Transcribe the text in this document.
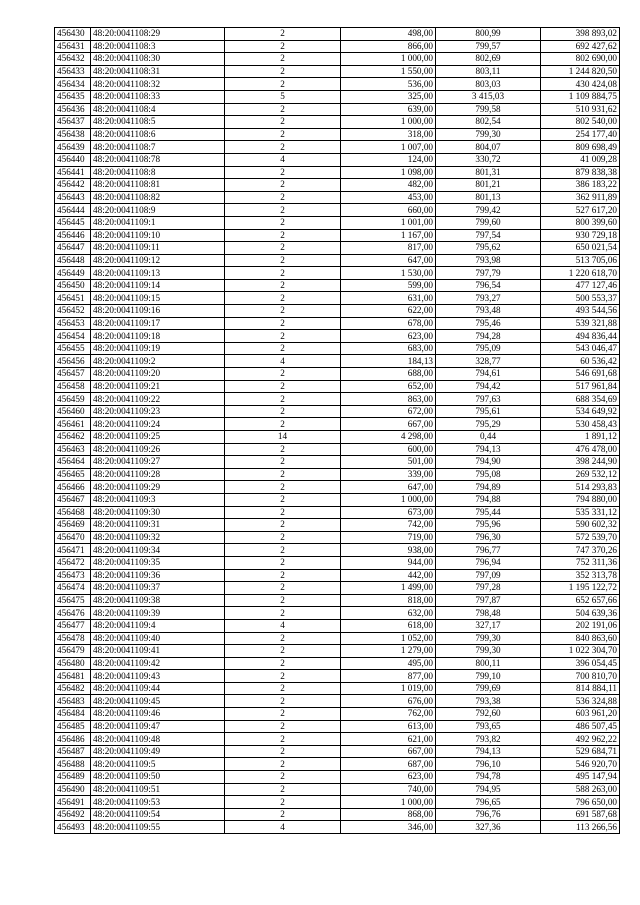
456430	48:20:0041108:29	2	498,00	800,99	398 893,02
456431	48:20:0041108:3	2	866,00	799,57	692 427,62
456432	48:20:0041108:30	2	1 000,00	802,69	802 690,00
456433	48:20:0041108:31	2	1 550,00	803,11	1 244 820,50
456434	48:20:0041108:32	2	536,00	803,03	430 424,08
456435	48:20:0041108:33	5	325,00	3 415,03	1 109 884,75
456436	48:20:0041108:4	2	639,00	799,58	510 931,62
456437	48:20:0041108:5	2	1 000,00	802,54	802 540,00
456438	48:20:0041108:6	2	318,00	799,30	254 177,40
456439	48:20:0041108:7	2	1 007,00	804,07	809 698,49
456440	48:20:0041108:78	4	124,00	330,72	41 009,28
456441	48:20:0041108:8	2	1 098,00	801,31	879 838,38
456442	48:20:0041108:81	2	482,00	801,21	386 183,22
456443	48:20:0041108:82	2	453,00	801,13	362 911,89
456444	48:20:0041108:9	2	660,00	799,42	527 617,20
456445	48:20:0041109:1	2	1 001,00	799,60	800 399,60
456446	48:20:0041109:10	2	1 167,00	797,54	930 729,18
456447	48:20:0041109:11	2	817,00	795,62	650 021,54
456448	48:20:0041109:12	2	647,00	793,98	513 705,06
456449	48:20:0041109:13	2	1 530,00	797,79	1 220 618,70
456450	48:20:0041109:14	2	599,00	796,54	477 127,46
456451	48:20:0041109:15	2	631,00	793,27	500 553,37
456452	48:20:0041109:16	2	622,00	793,48	493 544,56
456453	48:20:0041109:17	2	678,00	795,46	539 321,88
456454	48:20:0041109:18	2	623,00	794,28	494 836,44
456455	48:20:0041109:19	2	683,00	795,09	543 046,47
456456	48:20:0041109:2	4	184,13	328,77	60 536,42
456457	48:20:0041109:20	2	688,00	794,61	546 691,68
456458	48:20:0041109:21	2	652,00	794,42	517 961,84
456459	48:20:0041109:22	2	863,00	797,63	688 354,69
456460	48:20:0041109:23	2	672,00	795,61	534 649,92
456461	48:20:0041109:24	2	667,00	795,29	530 458,43
456462	48:20:0041109:25	14	4 298,00	0,44	1 891,12
456463	48:20:0041109:26	2	600,00	794,13	476 478,00
456464	48:20:0041109:27	2	501,00	794,90	398 244,90
456465	48:20:0041109:28	2	339,00	795,08	269 532,12
456466	48:20:0041109:29	2	647,00	794,89	514 293,83
456467	48:20:0041109:3	2	1 000,00	794,88	794 880,00
456468	48:20:0041109:30	2	673,00	795,44	535 331,12
456469	48:20:0041109:31	2	742,00	795,96	590 602,32
456470	48:20:0041109:32	2	719,00	796,30	572 539,70
456471	48:20:0041109:34	2	938,00	796,77	747 370,26
456472	48:20:0041109:35	2	944,00	796,94	752 311,36
456473	48:20:0041109:36	2	442,00	797,09	352 313,78
456474	48:20:0041109:37	2	1 499,00	797,28	1 195 122,72
456475	48:20:0041109:38	2	818,00	797,87	652 657,66
456476	48:20:0041109:39	2	632,00	798,48	504 639,36
456477	48:20:0041109:4	4	618,00	327,17	202 191,06
456478	48:20:0041109:40	2	1 052,00	799,30	840 863,60
456479	48:20:0041109:41	2	1 279,00	799,30	1 022 304,70
456480	48:20:0041109:42	2	495,00	800,11	396 054,45
456481	48:20:0041109:43	2	877,00	799,10	700 810,70
456482	48:20:0041109:44	2	1 019,00	799,69	814 884,11
456483	48:20:0041109:45	2	676,00	793,38	536 324,88
456484	48:20:0041109:46	2	762,00	792,60	603 961,20
456485	48:20:0041109:47	2	613,00	793,65	486 507,45
456486	48:20:0041109:48	2	621,00	793,82	492 962,22
456487	48:20:0041109:49	2	667,00	794,13	529 684,71
456488	48:20:0041109:5	2	687,00	796,10	546 920,70
456489	48:20:0041109:50	2	623,00	794,78	495 147,94
456490	48:20:0041109:51	2	740,00	794,95	588 263,00
456491	48:20:0041109:53	2	1 000,00	796,65	796 650,00
456492	48:20:0041109:54	2	868,00	796,76	691 587,68
456493	48:20:0041109:55	4	346,00	327,36	113 266,56
